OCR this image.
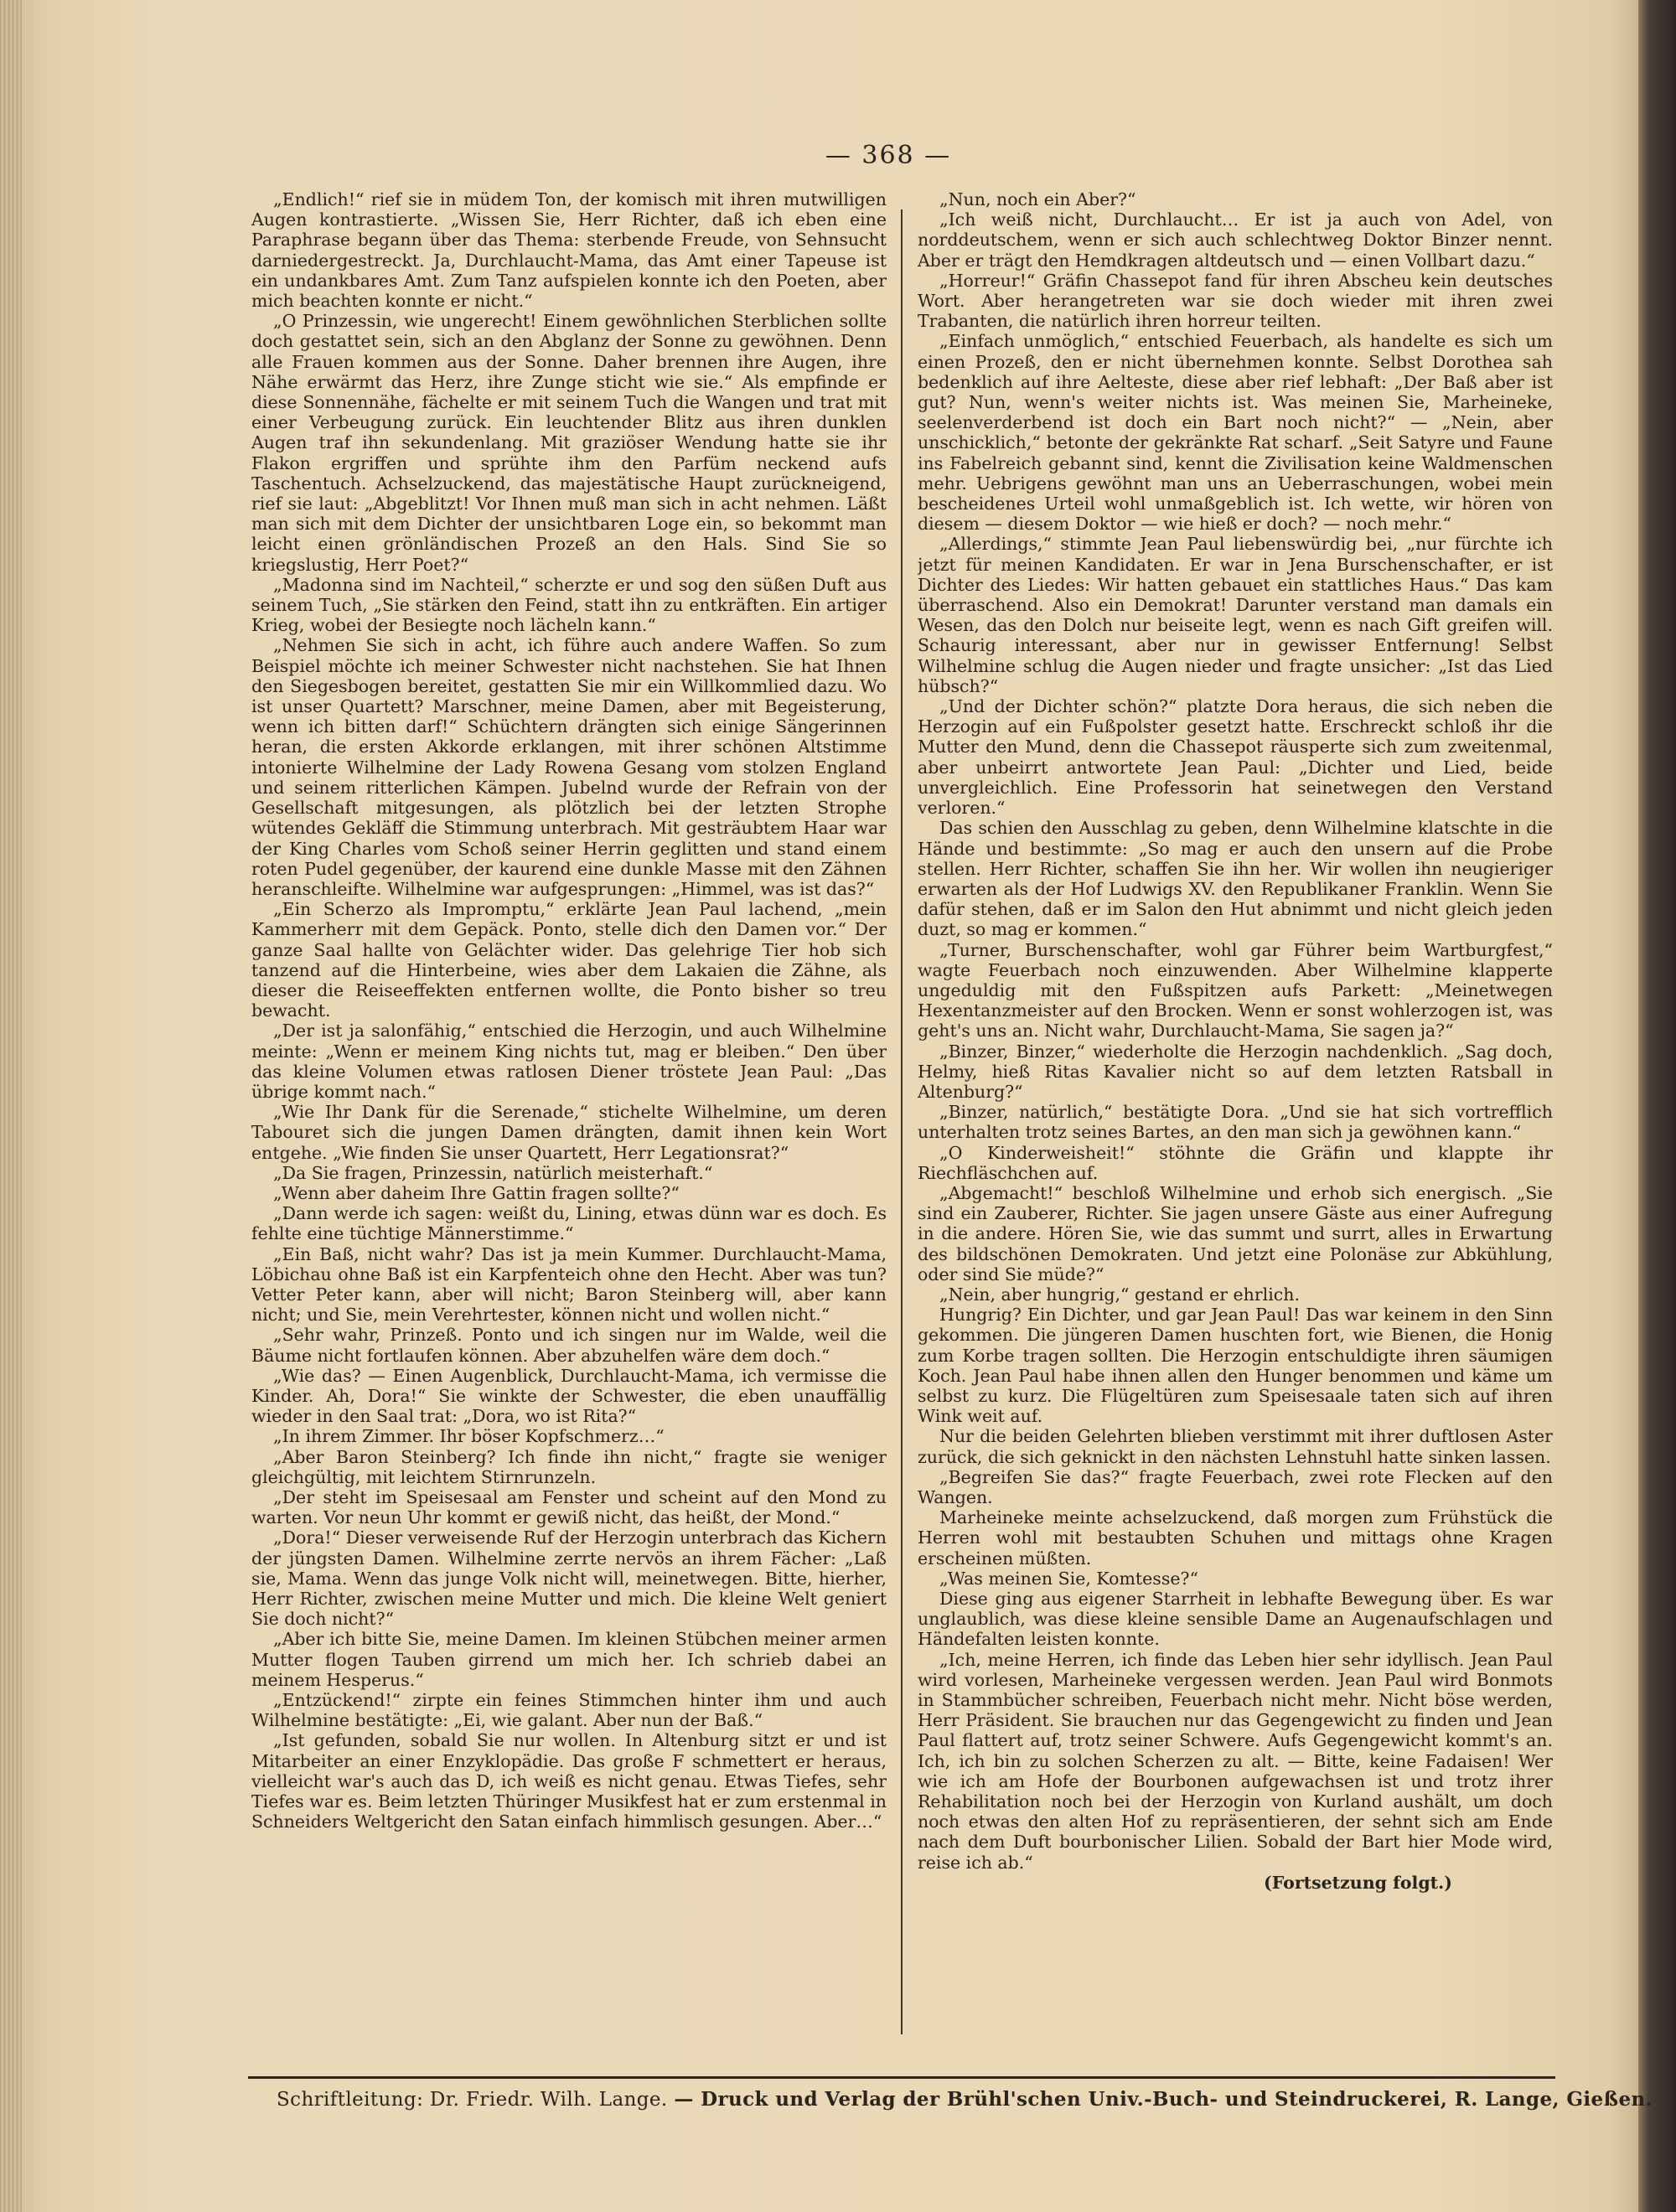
— 368 —

„Endlich!“ rief sie in müdem Ton, der komisch mit ihren mutwilligen Augen kontrastierte. „Wissen Sie, Herr Richter, daß ich eben eine Paraphrase begann über das Thema: sterbende Freude, von Sehnsucht darniedergestreckt. Ja, Durchlaucht-Mama, das Amt einer Tapeuse ist ein undankbares Amt. Zum Tanz aufspielen konnte ich den Poeten, aber mich beachten konnte er nicht.“

„O Prinzessin, wie ungerecht! Einem gewöhnlichen Sterblichen sollte doch gestattet sein, sich an den Abglanz der Sonne zu gewöhnen. Denn alle Frauen kommen aus der Sonne. Daher brennen ihre Augen, ihre Nähe erwärmt das Herz, ihre Zunge sticht wie sie.“ Als empfinde er diese Sonnennähe, fächelte er mit seinem Tuch die Wangen und trat mit einer Verbeugung zurück. Ein leuchtender Blitz aus ihren dunklen Augen traf ihn sekundenlang. Mit graziöser Wendung hatte sie ihr Flakon ergriffen und sprühte ihm den Parfüm neckend aufs Taschentuch. Achselzuckend, das majestätische Haupt zurückneigend, rief sie laut: „Abgeblitzt! Vor Ihnen muß man sich in acht nehmen. Läßt man sich mit dem Dichter der unsichtbaren Loge ein, so bekommt man leicht einen grönländischen Prozeß an den Hals. Sind Sie so kriegslustig, Herr Poet?“

„Madonna sind im Nachteil,“ scherzte er und sog den süßen Duft aus seinem Tuch, „Sie stärken den Feind, statt ihn zu entkräften. Ein artiger Krieg, wobei der Besiegte noch lächeln kann.“

„Nehmen Sie sich in acht, ich führe auch andere Waffen. So zum Beispiel möchte ich meiner Schwester nicht nachstehen. Sie hat Ihnen den Siegesbogen bereitet, gestatten Sie mir ein Willkommlied dazu. Wo ist unser Quartett? Marschner, meine Damen, aber mit Begeisterung, wenn ich bitten darf!“ Schüchtern drängten sich einige Sängerinnen heran, die ersten Akkorde erklangen, mit ihrer schönen Altstimme intonierte Wilhelmine der Lady Rowena Gesang vom stolzen England und seinem ritterlichen Kämpen. Jubelnd wurde der Refrain von der Gesellschaft mitgesungen, als plötzlich bei der letzten Strophe wütendes Gekläff die Stimmung unterbrach. Mit gesträubtem Haar war der King Charles vom Schoß seiner Herrin geglitten und stand einem roten Pudel gegenüber, der kaurend eine dunkle Masse mit den Zähnen heranschleifte. Wilhelmine war aufgesprungen: „Himmel, was ist das?“

„Ein Scherzo als Impromptu,“ erklärte Jean Paul lachend, „mein Kammerherr mit dem Gepäck. Ponto, stelle dich den Damen vor.“ Der ganze Saal hallte von Gelächter wider. Das gelehrige Tier hob sich tanzend auf die Hinterbeine, wies aber dem Lakaien die Zähne, als dieser die Reiseeffekten entfernen wollte, die Ponto bisher so treu bewacht.

„Der ist ja salonfähig,“ entschied die Herzogin, und auch Wilhelmine meinte: „Wenn er meinem King nichts tut, mag er bleiben.“ Den über das kleine Volumen etwas ratlosen Diener tröstete Jean Paul: „Das übrige kommt nach.“

„Wie Ihr Dank für die Serenade,“ stichelte Wilhelmine, um deren Tabouret sich die jungen Damen drängten, damit ihnen kein Wort entgehe. „Wie finden Sie unser Quartett, Herr Legationsrat?“

„Da Sie fragen, Prinzessin, natürlich meisterhaft.“

„Wenn aber daheim Ihre Gattin fragen sollte?“

„Dann werde ich sagen: weißt du, Lining, etwas dünn war es doch. Es fehlte eine tüchtige Männerstimme.“

„Ein Baß, nicht wahr? Das ist ja mein Kummer. Durchlaucht-Mama, Löbichau ohne Baß ist ein Karpfenteich ohne den Hecht. Aber was tun? Vetter Peter kann, aber will nicht; Baron Steinberg will, aber kann nicht; und Sie, mein Verehrtester, können nicht und wollen nicht.“

„Sehr wahr, Prinzeß. Ponto und ich singen nur im Walde, weil die Bäume nicht fortlaufen können. Aber abzuhelfen wäre dem doch.“

„Wie das? — Einen Augenblick, Durchlaucht-Mama, ich vermisse die Kinder. Ah, Dora!“ Sie winkte der Schwester, die eben unauffällig wieder in den Saal trat: „Dora, wo ist Rita?“

„In ihrem Zimmer. Ihr böser Kopfschmerz…“

„Aber Baron Steinberg? Ich finde ihn nicht,“ fragte sie weniger gleichgültig, mit leichtem Stirnrunzeln.

„Der steht im Speisesaal am Fenster und scheint auf den Mond zu warten. Vor neun Uhr kommt er gewiß nicht, das heißt, der Mond.“

„Dora!“ Dieser verweisende Ruf der Herzogin unterbrach das Kichern der jüngsten Damen. Wilhelmine zerrte nervös an ihrem Fächer: „Laß sie, Mama. Wenn das junge Volk nicht will, meinetwegen. Bitte, hierher, Herr Richter, zwischen meine Mutter und mich. Die kleine Welt geniert Sie doch nicht?“

„Aber ich bitte Sie, meine Damen. Im kleinen Stübchen meiner armen Mutter flogen Tauben girrend um mich her. Ich schrieb dabei an meinem Hesperus.“

„Entzückend!“ zirpte ein feines Stimmchen hinter ihm und auch Wilhelmine bestätigte: „Ei, wie galant. Aber nun der Baß.“

„Ist gefunden, sobald Sie nur wollen. In Altenburg sitzt er und ist Mitarbeiter an einer Enzyklopädie. Das große F schmettert er heraus, vielleicht war's auch das D, ich weiß es nicht genau. Etwas Tiefes, sehr Tiefes war es. Beim letzten Thüringer Musikfest hat er zum erstenmal in Schneiders Weltgericht den Satan einfach himmlisch gesungen. Aber…“

„Nun, noch ein Aber?“

„Ich weiß nicht, Durchlaucht… Er ist ja auch von Adel, von norddeutschem, wenn er sich auch schlechtweg Doktor Binzer nennt. Aber er trägt den Hemdkragen altdeutsch und — einen Vollbart dazu.“

„Horreur!“ Gräfin Chassepot fand für ihren Abscheu kein deutsches Wort. Aber herangetreten war sie doch wieder mit ihren zwei Trabanten, die natürlich ihren horreur teilten.

„Einfach unmöglich,“ entschied Feuerbach, als handelte es sich um einen Prozeß, den er nicht übernehmen konnte. Selbst Dorothea sah bedenklich auf ihre Aelteste, diese aber rief lebhaft: „Der Baß aber ist gut? Nun, wenn's weiter nichts ist. Was meinen Sie, Marheineke, seelenverderbend ist doch ein Bart noch nicht?“ — „Nein, aber unschicklich,“ betonte der gekränkte Rat scharf. „Seit Satyre und Faune ins Fabelreich gebannt sind, kennt die Zivilisation keine Waldmenschen mehr. Uebrigens gewöhnt man uns an Ueberraschungen, wobei mein bescheidenes Urteil wohl unmaßgeblich ist. Ich wette, wir hören von diesem — diesem Doktor — wie hieß er doch? — noch mehr.“

„Allerdings,“ stimmte Jean Paul liebenswürdig bei, „nur fürchte ich jetzt für meinen Kandidaten. Er war in Jena Burschenschafter, er ist Dichter des Liedes: Wir hatten gebauet ein stattliches Haus.“ Das kam überraschend. Also ein Demokrat! Darunter verstand man damals ein Wesen, das den Dolch nur beiseite legt, wenn es nach Gift greifen will. Schaurig interessant, aber nur in gewisser Entfernung! Selbst Wilhelmine schlug die Augen nieder und fragte unsicher: „Ist das Lied hübsch?“

„Und der Dichter schön?“ platzte Dora heraus, die sich neben die Herzogin auf ein Fußpolster gesetzt hatte. Erschreckt schloß ihr die Mutter den Mund, denn die Chassepot räusperte sich zum zweitenmal, aber unbeirrt antwortete Jean Paul: „Dichter und Lied, beide unvergleichlich. Eine Professorin hat seinetwegen den Verstand verloren.“

Das schien den Ausschlag zu geben, denn Wilhelmine klatschte in die Hände und bestimmte: „So mag er auch den unsern auf die Probe stellen. Herr Richter, schaffen Sie ihn her. Wir wollen ihn neugieriger erwarten als der Hof Ludwigs XV. den Republikaner Franklin. Wenn Sie dafür stehen, daß er im Salon den Hut abnimmt und nicht gleich jeden duzt, so mag er kommen.“

„Turner, Burschenschafter, wohl gar Führer beim Wartburgfest,“ wagte Feuerbach noch einzuwenden. Aber Wilhelmine klapperte ungeduldig mit den Fußspitzen aufs Parkett: „Meinetwegen Hexentanzmeister auf den Brocken. Wenn er sonst wohlerzogen ist, was geht's uns an. Nicht wahr, Durchlaucht-Mama, Sie sagen ja?“

„Binzer, Binzer,“ wiederholte die Herzogin nachdenklich. „Sag doch, Helmy, hieß Ritas Kavalier nicht so auf dem letzten Ratsball in Altenburg?“

„Binzer, natürlich,“ bestätigte Dora. „Und sie hat sich vortrefflich unterhalten trotz seines Bartes, an den man sich ja gewöhnen kann.“

„O Kinderweisheit!“ stöhnte die Gräfin und klappte ihr Riechfläschchen auf.

„Abgemacht!“ beschloß Wilhelmine und erhob sich energisch. „Sie sind ein Zauberer, Richter. Sie jagen unsere Gäste aus einer Aufregung in die andere. Hören Sie, wie das summt und surrt, alles in Erwartung des bildschönen Demokraten. Und jetzt eine Polonäse zur Abkühlung, oder sind Sie müde?“

„Nein, aber hungrig,“ gestand er ehrlich.

Hungrig? Ein Dichter, und gar Jean Paul! Das war keinem in den Sinn gekommen. Die jüngeren Damen huschten fort, wie Bienen, die Honig zum Korbe tragen sollten. Die Herzogin entschuldigte ihren säumigen Koch. Jean Paul habe ihnen allen den Hunger benommen und käme um selbst zu kurz. Die Flügeltüren zum Speisesaale taten sich auf ihren Wink weit auf.

Nur die beiden Gelehrten blieben verstimmt mit ihrer duftlosen Aster zurück, die sich geknickt in den nächsten Lehnstuhl hatte sinken lassen.

„Begreifen Sie das?“ fragte Feuerbach, zwei rote Flecken auf den Wangen.

Marheineke meinte achselzuckend, daß morgen zum Frühstück die Herren wohl mit bestaubten Schuhen und mittags ohne Kragen erscheinen müßten.

„Was meinen Sie, Komtesse?“

Diese ging aus eigener Starrheit in lebhafte Bewegung über. Es war unglaublich, was diese kleine sensible Dame an Augenaufschlagen und Händefalten leisten konnte.

„Ich, meine Herren, ich finde das Leben hier sehr idyllisch. Jean Paul wird vorlesen, Marheineke vergessen werden. Jean Paul wird Bonmots in Stammbücher schreiben, Feuerbach nicht mehr. Nicht böse werden, Herr Präsident. Sie brauchen nur das Gegengewicht zu finden und Jean Paul flattert auf, trotz seiner Schwere. Aufs Gegengewicht kommt's an. Ich, ich bin zu solchen Scherzen zu alt. — Bitte, keine Fadaisen! Wer wie ich am Hofe der Bourbonen aufgewachsen ist und trotz ihrer Rehabilitation noch bei der Herzogin von Kurland aushält, um doch noch etwas den alten Hof zu repräsentieren, der sehnt sich am Ende nach dem Duft bourbonischer Lilien. Sobald der Bart hier Mode wird, reise ich ab.“

(Fortsetzung folgt.)

Schriftleitung: Dr. Friedr. Wilh. Lange. — Druck und Verlag der Brühl'schen Univ.-Buch- und Steindruckerei, R. Lange, Gießen.
